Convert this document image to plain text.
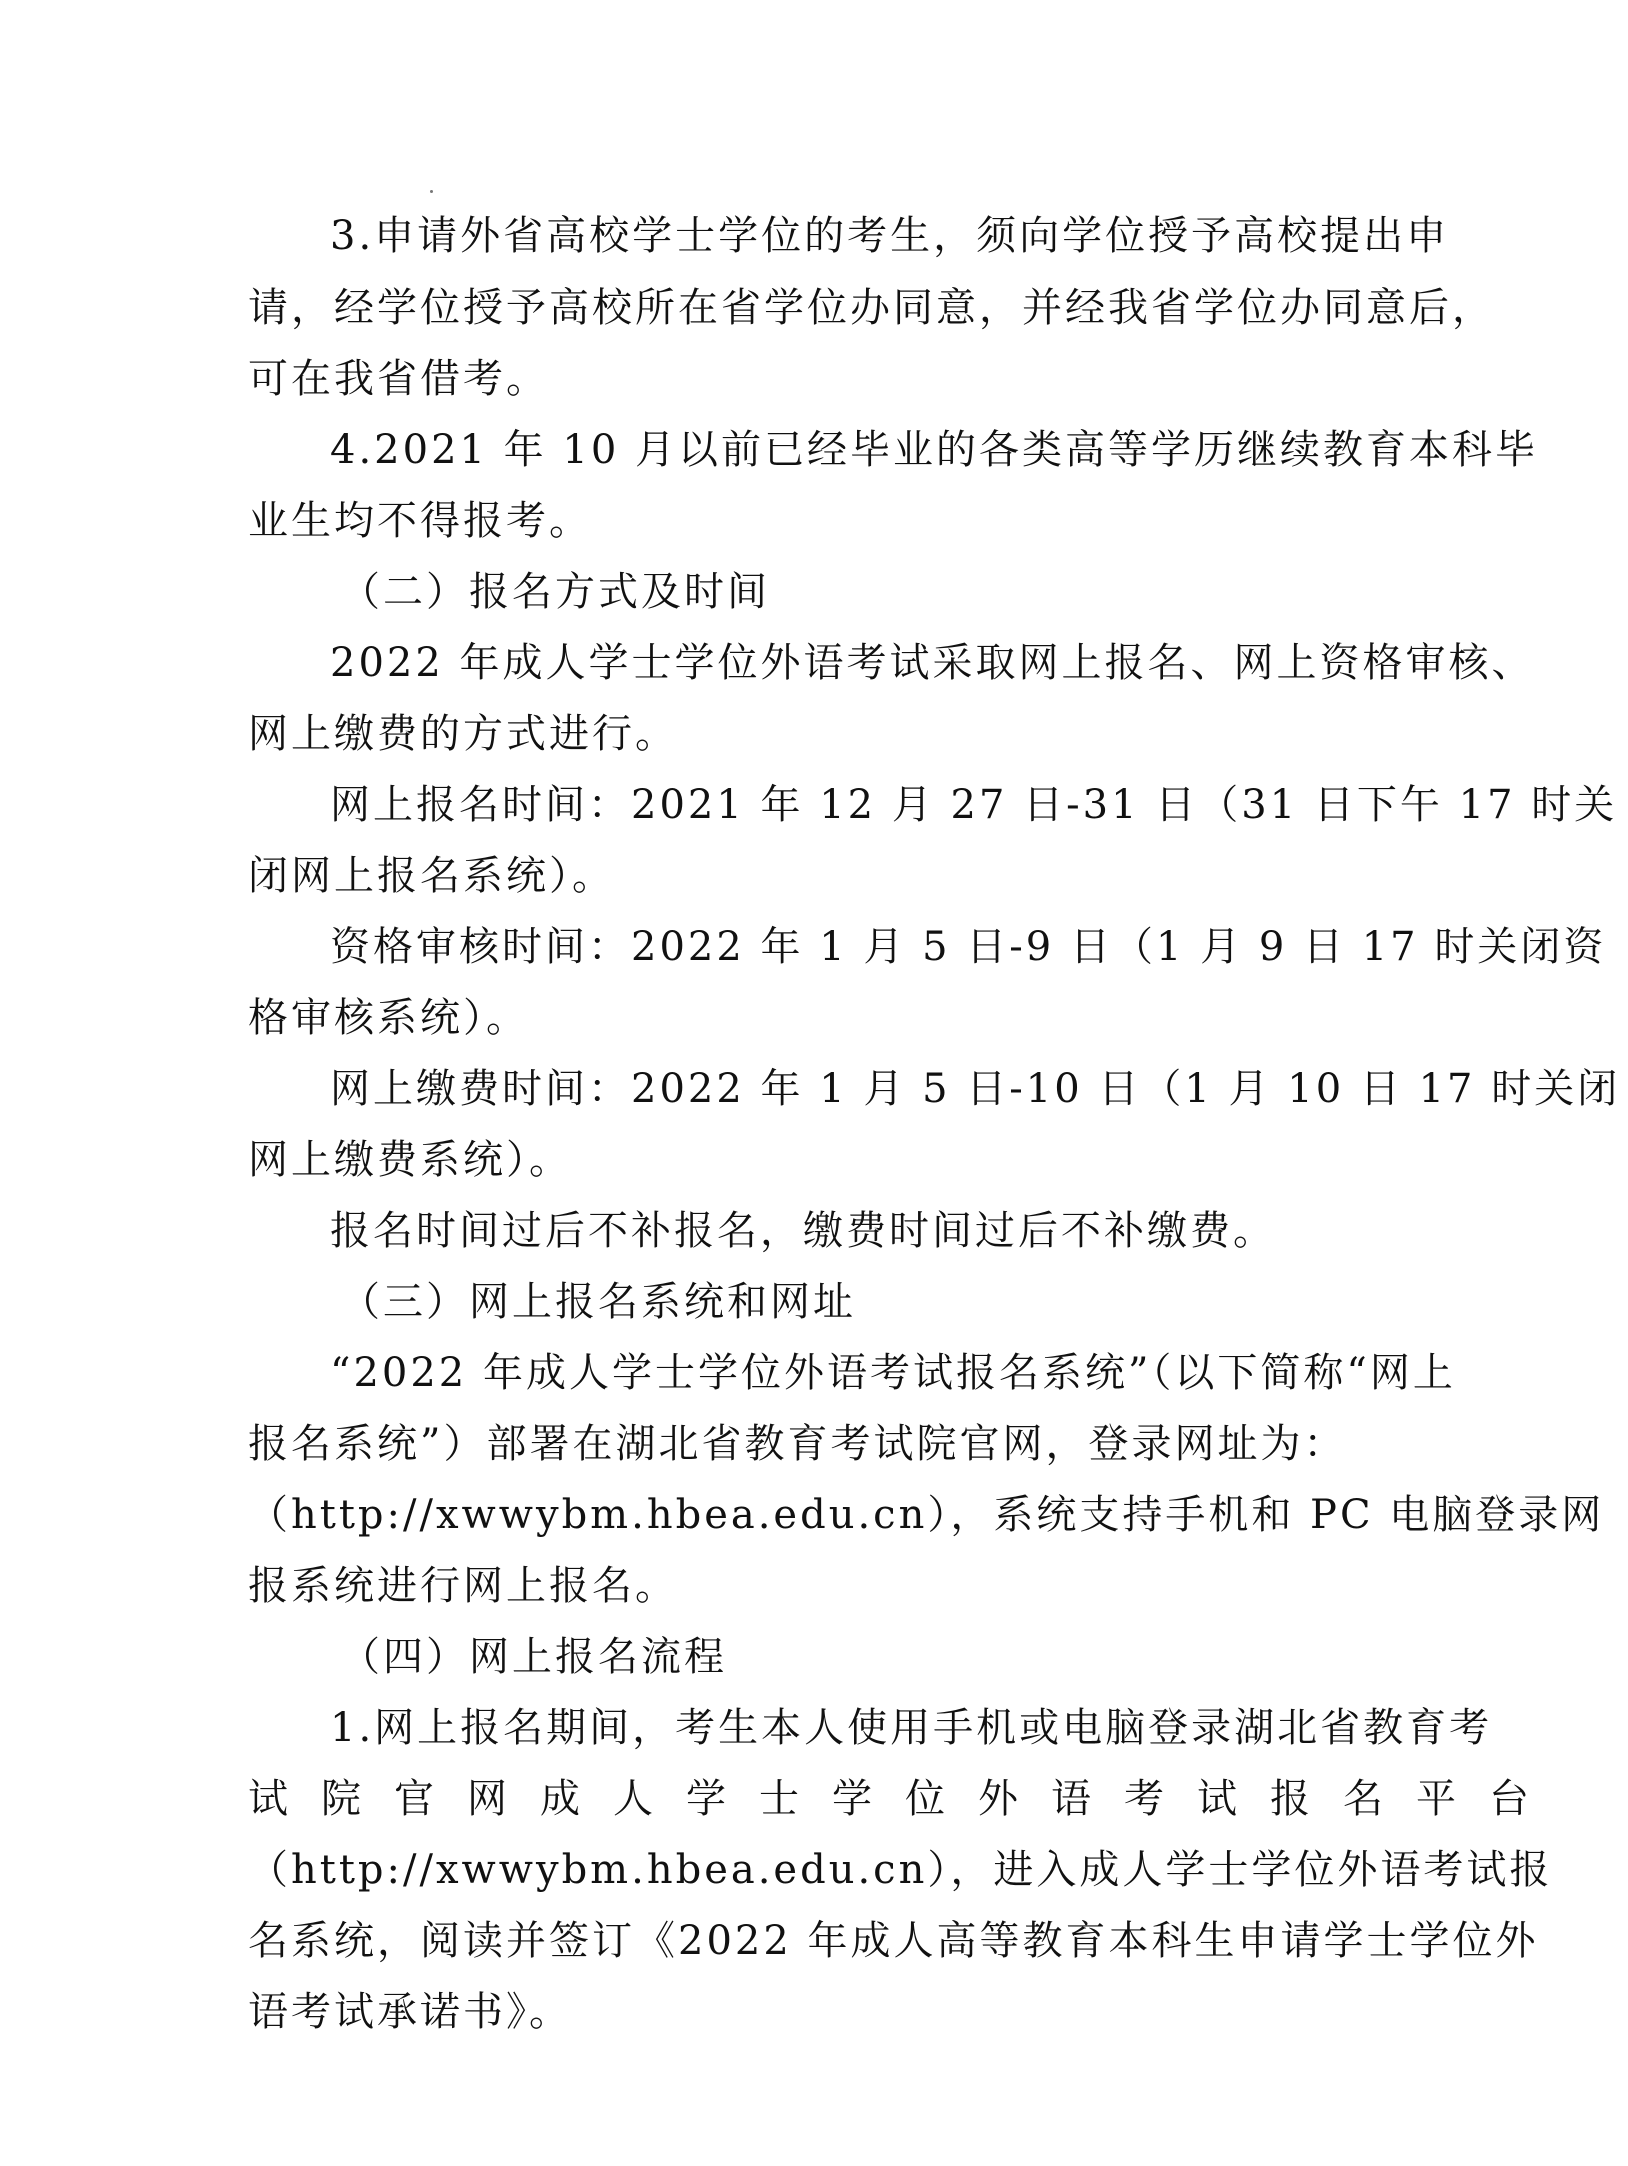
3.申请外省高校学士学位的考生，须向学位授予高校提出申
请，经学位授予高校所在省学位办同意，并经我省学位办同意后，
可在我省借考。
4.2021 年 10 月以前已经毕业的各类高等学历继续教育本科毕
业生均不得报考。
（二）报名方式及时间
2022 年成人学士学位外语考试采取网上报名、网上资格审核、
网上缴费的方式进行。
网上报名时间：2021 年 12 月 27 日-31 日（31 日下午 17 时关
闭网上报名系统）。
资格审核时间：2022 年 1 月 5 日-9 日（1 月 9 日 17 时关闭资
格审核系统）。
网上缴费时间：2022 年 1 月 5 日-10 日（1 月 10 日 17 时关闭
网上缴费系统）。
报名时间过后不补报名，缴费时间过后不补缴费。
（三）网上报名系统和网址
“2022 年成人学士学位外语考试报名系统”（以下简称“网上
报名系统”）部署在湖北省教育考试院官网，登录网址为：
（http://xwwybm.hbea.edu.cn），系统支持手机和 PC 电脑登录网
报系统进行网上报名。
（四）网上报名流程
1.网上报名期间，考生本人使用手机或电脑登录湖北省教育考
试院官网成人学士学位外语考试报名平台
（http://xwwybm.hbea.edu.cn），进入成人学士学位外语考试报
名系统，阅读并签订《2022 年成人高等教育本科生申请学士学位外
语考试承诺书》。
